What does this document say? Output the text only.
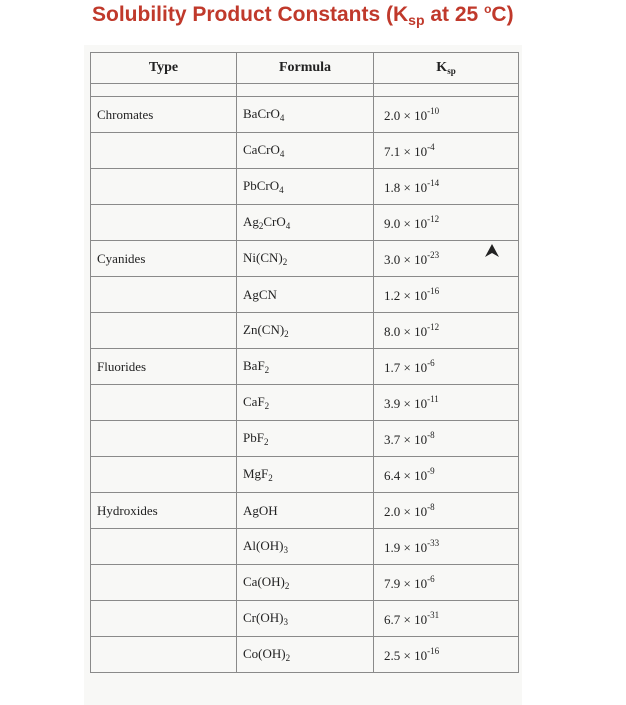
Solubility Product Constants ($K_{sp}$ at 25 $^o$C)
Type	Formula	$K_{sp}$

Chromates	BaCrO$_4$	$2.0 \times 10^{-10}$
	CaCrO$_4$	$7.1 \times 10^{-4}$
	PbCrO$_4$	$1.8 \times 10^{-14}$
	$Ag_2CrO_4$	$9.0 \times 10^{-12}$
Cyanides	$Ni(CN)_2$	$3.0 \times 10^{-23}$
	AgCN	$1.2 \times 10^{-16}$
	$Zn(CN)_2$	$8.0 \times 10^{-12}$
Fluorides	BaF$_2$	$1.7 \times 10^{-6}$
	CaF$_2$	$3.9 \times 10^{-11}$
	PbF$_2$	$3.7 \times 10^{-8}$
	MgF$_2$	$6.4 \times 10^{-9}$
Hydroxides	AgOH	$2.0 \times 10^{-8}$
	$Al(OH)_3$	$1.9 \times 10^{-33}$
	$Ca(OH)_2$	$7.9 \times 10^{-6}$
	$Cr(OH)_3$	$6.7 \times 10^{-31}$
	$Co(OH)_2$	$2.5 \times 10^{-16}$
